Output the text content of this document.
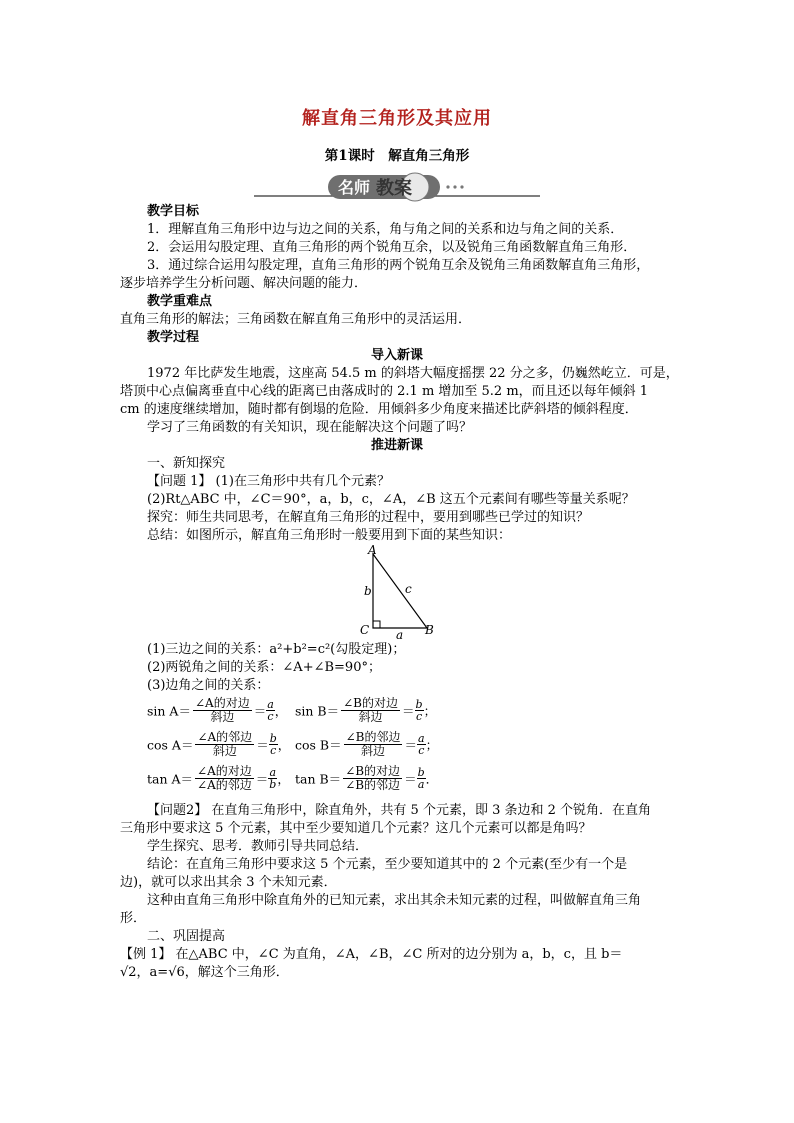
解直角三角形及其应用
第1课时　解直角三角形
名师 教案
教学目标
1．理解直角三角形中边与边之间的关系，角与角之间的关系和边与角之间的关系．
2．会运用勾股定理、直角三角形的两个锐角互余，以及锐角三角函数解直角三角形．
3．通过综合运用勾股定理，直角三角形的两个锐角互余及锐角三角函数解直角三角形，
逐步培养学生分析问题、解决问题的能力．
教学重难点
直角三角形的解法；三角函数在解直角三角形中的灵活运用．
教学过程
导入新课
1972 年比萨发生地震，这座高 54.5 m 的斜塔大幅度摇摆 22 分之多，仍巍然屹立．可是，
塔顶中心点偏离垂直中心线的距离已由落成时的 2.1 m 增加至 5.2 m，而且还以每年倾斜 1
cm 的速度继续增加，随时都有倒塌的危险．用倾斜多少角度来描述比萨斜塔的倾斜程度．
学习了三角函数的有关知识，现在能解决这个问题了吗？
推进新课
一、新知探究
【问题 1】 (1)在三角形中共有几个元素？
(2)Rt△ABC 中，∠C＝90°，a，b，c，∠A，∠B 这五个元素间有哪些等量关系呢？
探究：师生共同思考，在解直角三角形的过程中，要用到哪些已学过的知识？
总结：如图所示，解直角三角形时一般要用到下面的某些知识：
A
C	B
b	c
a
(1)三边之间的关系：a²+b²=c²(勾股定理)；
(2)两锐角之间的关系：∠A+∠B=90°；
(3)边角之间的关系：
$\sin A= \frac{\text{∠A的对边}}{\text{斜边}} = \frac{a}{c}$ ， $\sin B= \frac{\text{∠B的对边}}{\text{斜边}} = \frac{b}{c}$ ；
$\cos A= \frac{\text{∠A的邻边}}{\text{斜边}} = \frac{b}{c}$ ， $\cos B= \frac{\text{∠B的邻边}}{\text{斜边}} = \frac{a}{c}$ ；
$\tan A= \frac{\text{∠A的对边}}{\text{∠A的邻边}} = \frac{a}{b}$ ， $\tan B= \frac{\text{∠B的对边}}{\text{∠B的邻边}} = \frac{b}{a}$ ．
【问题2】 在直角三角形中，除直角外，共有 5 个元素，即 3 条边和 2 个锐角．在直角
三角形中要求这 5 个元素，其中至少要知道几个元素？这几个元素可以都是角吗？
学生探究、思考．教师引导共同总结．
结论：在直角三角形中要求这 5 个元素，至少要知道其中的 2 个元素(至少有一个是
边)，就可以求出其余 3 个未知元素．
这种由直角三角形中除直角外的已知元素，求出其余未知元素的过程，叫做解直角三角
形．
二、巩固提高
【例 1】 在△ABC 中，∠C 为直角，∠A，∠B，∠C 所对的边分别为 a，b，c，且 b＝
√2，a=√6，解这个三角形．
